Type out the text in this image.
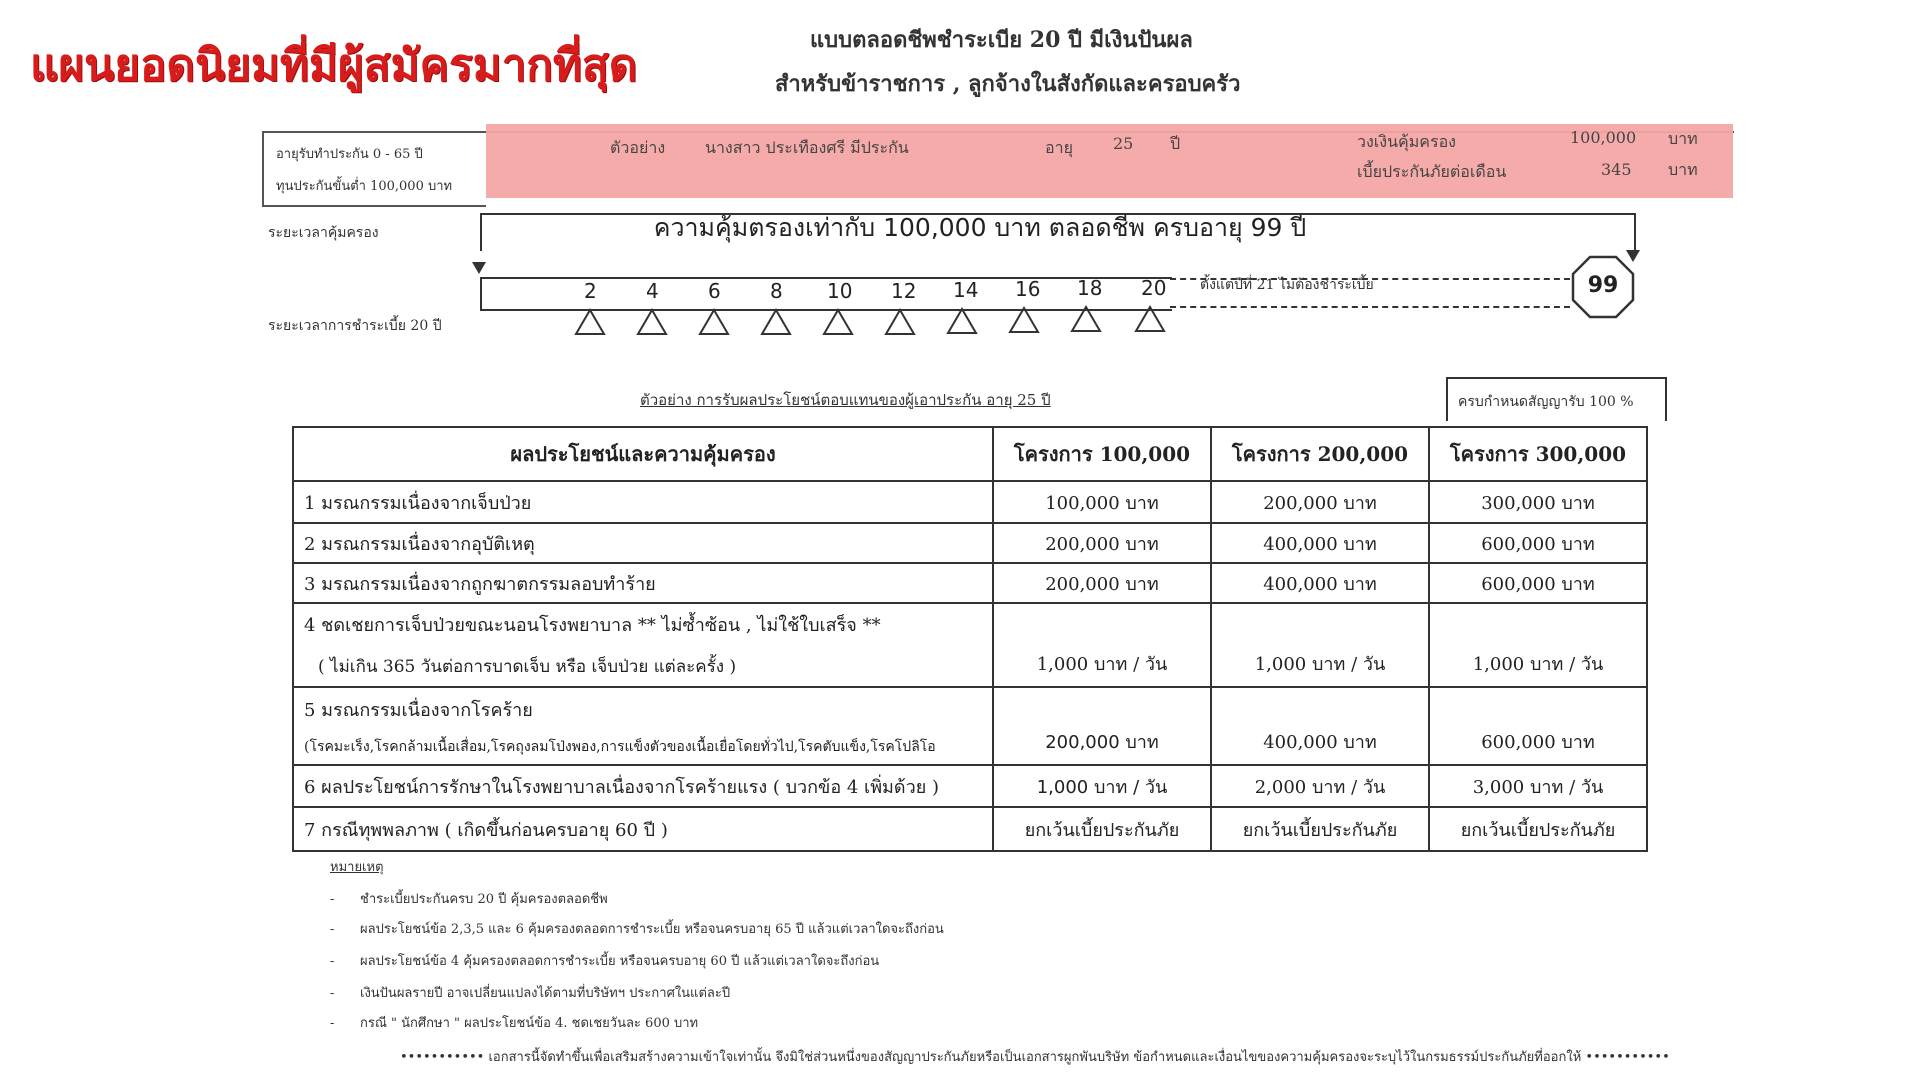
แผนยอดนิยมที่มีผู้สมัครมากที่สุด	แบบตลอดชีพชำระเบีย 20 ปี มีเงินปันผล
สำหรับข้าราชการ , ลูกจ้างในสังกัดและครอบครัว
อายุรับทำประกัน 0 - 65 ปี
ทุนประกันขั้นต่ำ 100,000 บาท
ตัวอย่าง นางสาว ประเทืองศรี มีประกัน	อายุ	25 ปี	วงเงินคุ้มครอง	100,000 บาท
เบี้ยประกันภัยต่อเดือน	345 บาท
ระยะเวลาคุ้มครอง
ระยะเวลาการชำระเบี้ย 20 ปี
ความคุ้มตรองเท่ากับ 100,000 บาท ตลอดชีพ ครบอายุ 99 ปี
ตั้งแต่ปีที่ 21 ไม่ต้องชำระเบี้ย
2 4 6 8 10 12 14 16 18 20	99
ตัวอย่าง การรับผลประโยชน์ตอบแทนของผู้เอาประกัน อายุ 25 ปี	ครบกำหนดสัญญารับ 100 %
ผลประโยชน์และความคุ้มครอง	โครงการ 100,000	โครงการ 200,000	โครงการ 300,000
1 มรณกรรมเนื่องจากเจ็บป่วย	100,000 บาท	200,000 บาท	300,000 บาท
2 มรณกรรมเนื่องจากอุบัติเหตุ	200,000 บาท	400,000 บาท	600,000 บาท
3 มรณกรรมเนื่องจากถูกฆาตกรรมลอบทำร้าย	200,000 บาท	400,000 บาท	600,000 บาท
4 ชดเชยการเจ็บป่วยขณะนอนโรงพยาบาล ** ไม่ซ้ำซ้อน , ไม่ใช้ใบเสร็จ **
( ไม่เกิน 365 วันต่อการบาดเจ็บ หรือ เจ็บป่วย แต่ละครั้ง )	1,000 บาท / วัน	1,000 บาท / วัน	1,000 บาท / วัน
5 มรณกรรมเนื่องจากโรคร้าย
(โรคมะเร็ง,โรคกล้ามเนื้อเสื่อม,โรคถุงลมโป่งพอง,การแข็งตัวของเนื้อเยื่อโดยทั่วไป,โรคตับแข็ง,โรคโปลิโอ	200,000 บาท	400,000 บาท	600,000 บาท
6 ผลประโยชน์การรักษาในโรงพยาบาลเนื่องจากโรคร้ายแรง ( บวกข้อ 4 เพิ่มด้วย )	1,000 บาท / วัน	2,000 บาท / วัน	3,000 บาท / วัน
7 กรณีทุพพลภาพ ( เกิดขึ้นก่อนครบอายุ 60 ปี )	ยกเว้นเบี้ยประกันภัย	ยกเว้นเบี้ยประกันภัย	ยกเว้นเบี้ยประกันภัย
หมายเหตุ
- ชำระเบี้ยประกันครบ 20 ปี คุ้มครองตลอดชีพ
- ผลประโยชน์ข้อ 2,3,5 และ 6 คุ้มครองตลอดการชำระเบี้ย หรือจนครบอายุ 65 ปี แล้วแต่เวลาใดจะถึงก่อน
- ผลประโยชน์ข้อ 4 คุ้มครองตลอดการชำระเบี้ย หรือจนครบอายุ 60 ปี แล้วแต่เวลาใดจะถึงก่อน
- เงินปันผลรายปี อาจเปลี่ยนแปลงได้ตามที่บริษัทฯ ประกาศในแต่ละปี
- กรณี " นักศึกษา " ผลประโยชน์ข้อ 4. ชดเชยวันละ 600 บาท
••••••••••• เอกสารนี้จัดทำขึ้นเพื่อเสริมสร้างความเข้าใจเท่านั้น จึงมิใช่ส่วนหนึ่งของสัญญาประกันภัยหรือเป็นเอกสารผูกพันบริษัท ข้อกำหนดและเงื่อนไขของความคุ้มครองจะระบุไว้ในกรมธรรม์ประกันภัยที่ออกให้ •••••••••••
